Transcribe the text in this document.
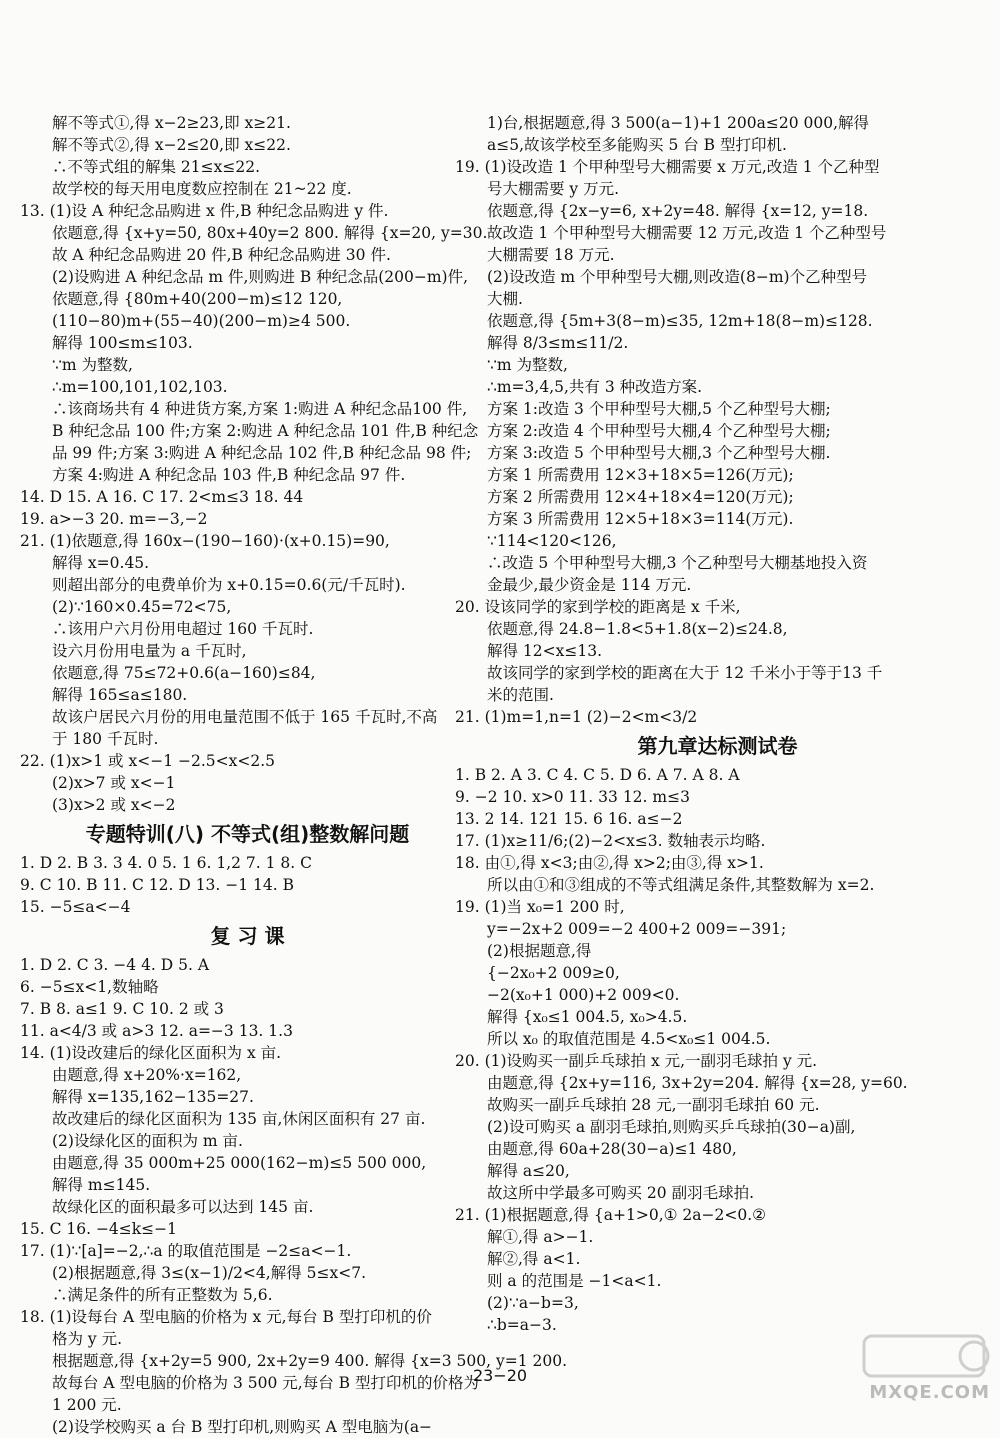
解不等式①,得 x−2≥23,即 x≥21.
解不等式②,得 x−2≤20,即 x≤22.
∴不等式组的解集 21≤x≤22.
故学校的每天用电度数应控制在 21~22 度.
13. (1)设 A 种纪念品购进 x 件,B 种纪念品购进 y 件.
依题意,得 {x+y=50, 80x+40y=2 800. 解得 {x=20, y=30.
故 A 种纪念品购进 20 件,B 种纪念品购进 30 件.
(2)设购进 A 种纪念品 m 件,则购进 B 种纪念品(200−m)件,
依题意,得 {80m+40(200−m)≤12 120,
(110−80)m+(55−40)(200−m)≥4 500.
解得 100≤m≤103.
∵m 为整数,
∴m=100,101,102,103.
∴该商场共有 4 种进货方案,方案 1:购进 A 种纪念品100 件,
B 种纪念品 100 件;方案 2:购进 A 种纪念品 101 件,B 种纪念
品 99 件;方案 3:购进 A 种纪念品 102 件,B 种纪念品 98 件;
方案 4:购进 A 种纪念品 103 件,B 种纪念品 97 件.
14. D 15. A 16. C 17. 2<m≤3 18. 44
19. a>−3 20. m=−3,−2
21. (1)依题意,得 160x−(190−160)·(x+0.15)=90,
解得 x=0.45.
则超出部分的电费单价为 x+0.15=0.6(元/千瓦时).
(2)∵160×0.45=72<75,
∴该用户六月份用电超过 160 千瓦时.
设六月份用电量为 a 千瓦时,
依题意,得 75≤72+0.6(a−160)≤84,
解得 165≤a≤180.
故该户居民六月份的用电量范围不低于 165 千瓦时,不高
于 180 千瓦时.
22. (1)x>1 或 x<−1 −2.5<x<2.5
(2)x>7 或 x<−1
(3)x>2 或 x<−2
专题特训(八) 不等式(组)整数解问题
1. D 2. B 3. 3 4. 0 5. 1 6. 1,2 7. 1 8. C
9. C 10. B 11. C 12. D 13. −1 14. B
15. −5≤a<−4
复 习 课
1. D 2. C 3. −4 4. D 5. A
6. −5≤x<1,数轴略
7. B 8. a≤1 9. C 10. 2 或 3
11. a<4/3 或 a>3 12. a=−3 13. 1.3
14. (1)设改建后的绿化区面积为 x 亩.
由题意,得 x+20%·x=162,
解得 x=135,162−135=27.
故改建后的绿化区面积为 135 亩,休闲区面积有 27 亩.
(2)设绿化区的面积为 m 亩.
由题意,得 35 000m+25 000(162−m)≤5 500 000,
解得 m≤145.
故绿化区的面积最多可以达到 145 亩.
15. C 16. −4≤k≤−1
17. (1)∵[a]=−2,∴a 的取值范围是 −2≤a<−1.
(2)根据题意,得 3≤(x−1)/2<4,解得 5≤x<7.
∴满足条件的所有正整数为 5,6.
18. (1)设每台 A 型电脑的价格为 x 元,每台 B 型打印机的价
格为 y 元.
根据题意,得 {x+2y=5 900, 2x+2y=9 400. 解得 {x=3 500, y=1 200.
故每台 A 型电脑的价格为 3 500 元,每台 B 型打印机的价格为
1 200 元.
(2)设学校购买 a 台 B 型打印机,则购买 A 型电脑为(a−
1)台,根据题意,得 3 500(a−1)+1 200a≤20 000,解得
a≤5,故该学校至多能购买 5 台 B 型打印机.
19. (1)设改造 1 个甲种型号大棚需要 x 万元,改造 1 个乙种型
号大棚需要 y 万元.
依题意,得 {2x−y=6, x+2y=48. 解得 {x=12, y=18.
故改造 1 个甲种型号大棚需要 12 万元,改造 1 个乙种型号
大棚需要 18 万元.
(2)设改造 m 个甲种型号大棚,则改造(8−m)个乙种型号
大棚.
依题意,得 {5m+3(8−m)≤35, 12m+18(8−m)≤128.
解得 8/3≤m≤11/2.
∵m 为整数,
∴m=3,4,5,共有 3 种改造方案.
方案 1:改造 3 个甲种型号大棚,5 个乙种型号大棚;
方案 2:改造 4 个甲种型号大棚,4 个乙种型号大棚;
方案 3:改造 5 个甲种型号大棚,3 个乙种型号大棚.
方案 1 所需费用 12×3+18×5=126(万元);
方案 2 所需费用 12×4+18×4=120(万元);
方案 3 所需费用 12×5+18×3=114(万元).
∵114<120<126,
∴改造 5 个甲种型号大棚,3 个乙种型号大棚基地投入资
金最少,最少资金是 114 万元.
20. 设该同学的家到学校的距离是 x 千米,
依题意,得 24.8−1.8<5+1.8(x−2)≤24.8,
解得 12<x≤13.
故该同学的家到学校的距离在大于 12 千米小于等于13 千
米的范围.
21. (1)m=1,n=1 (2)−2<m<3/2
第九章达标测试卷
1. B 2. A 3. C 4. C 5. D 6. A 7. A 8. A
9. −2 10. x>0 11. 33 12. m≤3
13. 2 14. 121 15. 6 16. a≤−2
17. (1)x≥11/6;(2)−2<x≤3. 数轴表示均略.
18. 由①,得 x<3;由②,得 x>2;由③,得 x>1.
所以由①和③组成的不等式组满足条件,其整数解为 x=2.
19. (1)当 x₀=1 200 时,
y=−2x+2 009=−2 400+2 009=−391;
(2)根据题意,得
{−2x₀+2 009≥0,
−2(x₀+1 000)+2 009<0.
解得 {x₀≤1 004.5, x₀>4.5.
所以 x₀ 的取值范围是 4.5<x₀≤1 004.5.
20. (1)设购买一副乒乓球拍 x 元,一副羽毛球拍 y 元.
由题意,得 {2x+y=116, 3x+2y=204. 解得 {x=28, y=60.
故购买一副乒乓球拍 28 元,一副羽毛球拍 60 元.
(2)设可购买 a 副羽毛球拍,则购买乒乓球拍(30−a)副,
由题意,得 60a+28(30−a)≤1 480,
解得 a≤20,
故这所中学最多可购买 20 副羽毛球拍.
21. (1)根据题意,得 {a+1>0,① 2a−2<0.②
解①,得 a>−1.
解②,得 a<1.
则 a 的范围是 −1<a<1.
(2)∵a−b=3,
∴b=a−3.
23−20
MXQE.COM
